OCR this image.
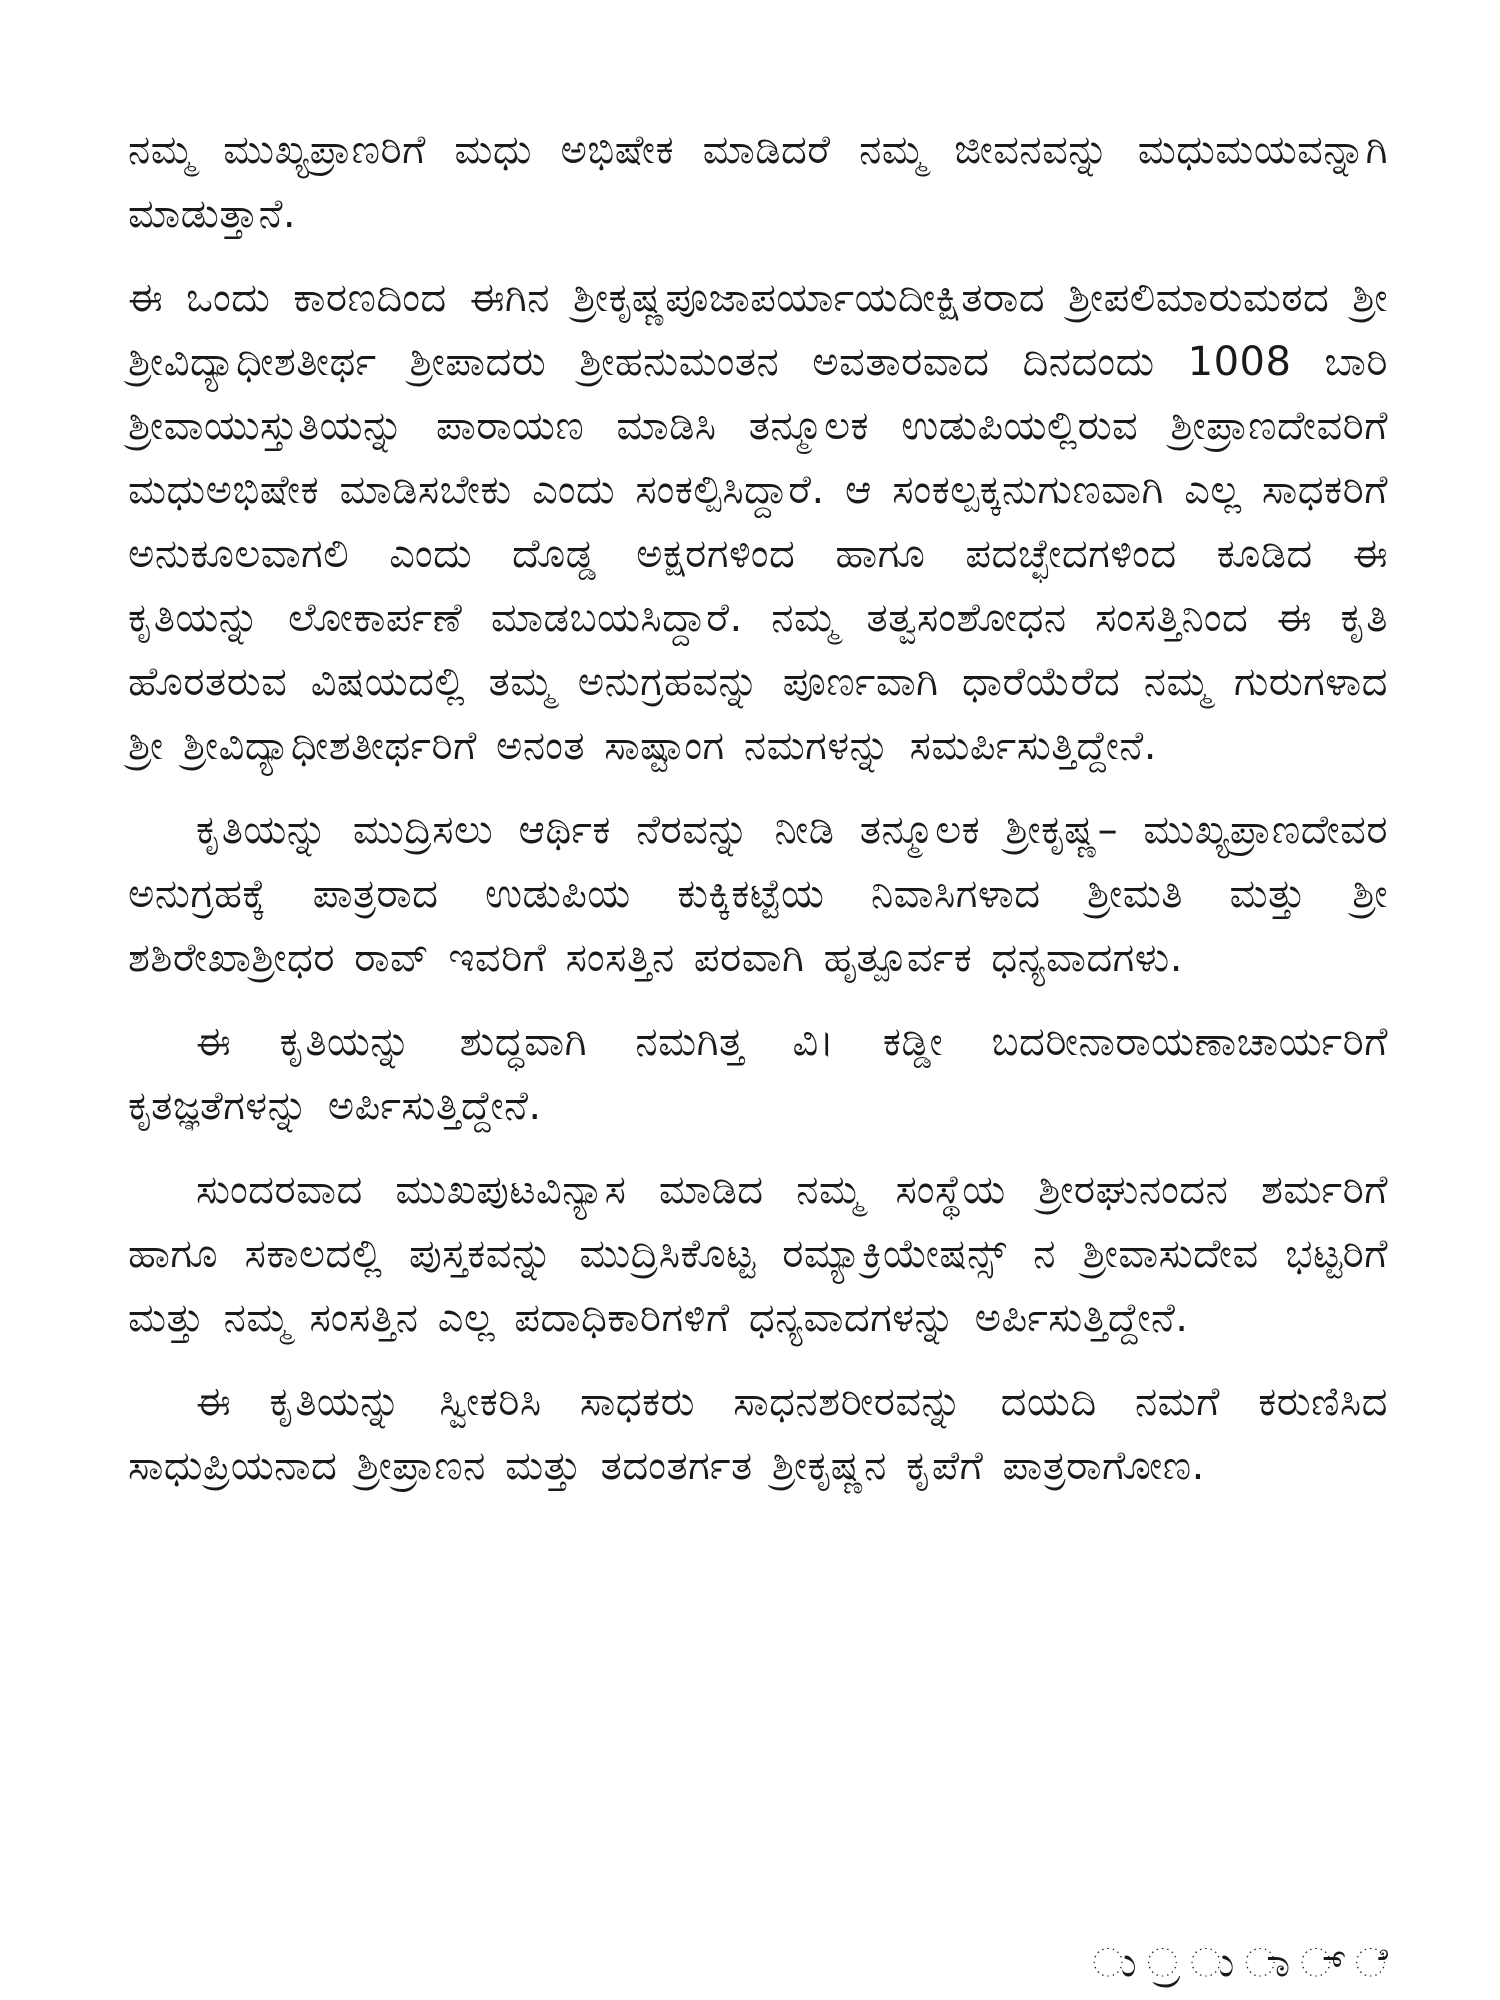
ನಮ್ಮ ಮುಖ್ಯಪ್ರಾಣರಿಗೆ ಮಧು ಅಭಿಷೇಕ ಮಾಡಿದರೆ ನಮ್ಮ ಜೀವನವನ್ನು ಮಧುಮಯವನ್ನಾಗಿ ಮಾಡುತ್ತಾನೆ.

ಈ ಒಂದು ಕಾರಣದಿಂದ ಈಗಿನ ಶ್ರೀಕೃಷ್ಣಪೂಜಾಪರ್ಯಾಯದೀಕ್ಷಿತರಾದ ಶ್ರೀಪಲಿಮಾರುಮಠದ ಶ್ರೀ ಶ್ರೀವಿದ್ಯಾಧೀಶತೀರ್ಥ ಶ್ರೀಪಾದರು ಶ್ರೀಹನುಮಂತನ ಅವತಾರವಾದ ದಿನದಂದು 1008 ಬಾರಿ ಶ್ರೀವಾಯುಸ್ತುತಿಯನ್ನು ಪಾರಾಯಣ ಮಾಡಿಸಿ ತನ್ಮೂಲಕ ಉಡುಪಿಯಲ್ಲಿರುವ ಶ್ರೀಪ್ರಾಣದೇವರಿಗೆ ಮಧುಅಭಿಷೇಕ ಮಾಡಿಸಬೇಕು ಎಂದು ಸಂಕಲ್ಪಿಸಿದ್ದಾರೆ. ಆ ಸಂಕಲ್ಪಕ್ಕನುಗುಣವಾಗಿ ಎಲ್ಲ ಸಾಧಕರಿಗೆ ಅನುಕೂಲವಾಗಲಿ ಎಂದು ದೊಡ್ಡ ಅಕ್ಷರಗಳಿಂದ ಹಾಗೂ ಪದಚ್ಛೇದಗಳಿಂದ ಕೂಡಿದ ಈ ಕೃತಿಯನ್ನು ಲೋಕಾರ್ಪಣೆ ಮಾಡಬಯಸಿದ್ದಾರೆ. ನಮ್ಮ ತತ್ವಸಂಶೋಧನ ಸಂಸತ್ತಿನಿಂದ ಈ ಕೃತಿ ಹೊರತರುವ ವಿಷಯದಲ್ಲಿ ತಮ್ಮ ಅನುಗ್ರಹವನ್ನು ಪೂರ್ಣವಾಗಿ ಧಾರೆಯೆರೆದ ನಮ್ಮ ಗುರುಗಳಾದ ಶ್ರೀ ಶ್ರೀವಿದ್ಯಾಧೀಶತೀರ್ಥರಿಗೆ ಅನಂತ ಸಾಷ್ಟಾಂಗ ನಮಗಳನ್ನು ಸಮರ್ಪಿಸುತ್ತಿದ್ದೇನೆ.

ಕೃತಿಯನ್ನು ಮುದ್ರಿಸಲು ಆರ್ಥಿಕ ನೆರವನ್ನು ನೀಡಿ ತನ್ಮೂಲಕ ಶ್ರೀಕೃಷ್ಣ– ಮುಖ್ಯಪ್ರಾಣದೇವರ ಅನುಗ್ರಹಕ್ಕೆ ಪಾತ್ರರಾದ ಉಡುಪಿಯ ಕುಕ್ಕಿಕಟ್ಟೆಯ ನಿವಾಸಿಗಳಾದ ಶ್ರೀಮತಿ ಮತ್ತು ಶ್ರೀ ಶಶಿರೇಖಾಶ್ರೀಧರ ರಾವ್ ಇವರಿಗೆ ಸಂಸತ್ತಿನ ಪರವಾಗಿ ಹೃತ್ಪೂರ್ವಕ ಧನ್ಯವಾದಗಳು.

ಈ ಕೃತಿಯನ್ನು ಶುದ್ಧವಾಗಿ ನಮಗಿತ್ತ ವಿ। ಕಡ್ಡೀ ಬದರೀನಾರಾಯಣಾಚಾರ್ಯರಿಗೆ ಕೃತಜ್ಞತೆಗಳನ್ನು ಅರ್ಪಿಸುತ್ತಿದ್ದೇನೆ.

ಸುಂದರವಾದ ಮುಖಪುಟವಿನ್ಯಾಸ ಮಾಡಿದ ನಮ್ಮ ಸಂಸ್ಥೆಯ ಶ್ರೀರಘುನಂದನ ಶರ್ಮರಿಗೆ ಹಾಗೂ ಸಕಾಲದಲ್ಲಿ ಪುಸ್ತಕವನ್ನು ಮುದ್ರಿಸಿಕೊಟ್ಟ ರಮ್ಯಾಕ್ರಿಯೇಷನ್ಸ್ ನ ಶ್ರೀವಾಸುದೇವ ಭಟ್ಟರಿಗೆ ಮತ್ತು ನಮ್ಮ ಸಂಸತ್ತಿನ ಎಲ್ಲ ಪದಾಧಿಕಾರಿಗಳಿಗೆ ಧನ್ಯವಾದಗಳನ್ನು ಅರ್ಪಿಸುತ್ತಿದ್ದೇನೆ.

ಈ ಕೃತಿಯನ್ನು ಸ್ವೀಕರಿಸಿ ಸಾಧಕರು ಸಾಧನಶರೀರವನ್ನು ದಯದಿ ನಮಗೆ ಕರುಣಿಸಿದ ಸಾಧುಪ್ರಿಯನಾದ ಶ್ರೀಪ್ರಾಣನ ಮತ್ತು ತದಂತರ್ಗತ ಶ್ರೀಕೃಷ್ಣನ ಕೃಪೆಗೆ ಪಾತ್ರರಾಗೋಣ.

ು ್ರ ು ಾ ್ ೆ
